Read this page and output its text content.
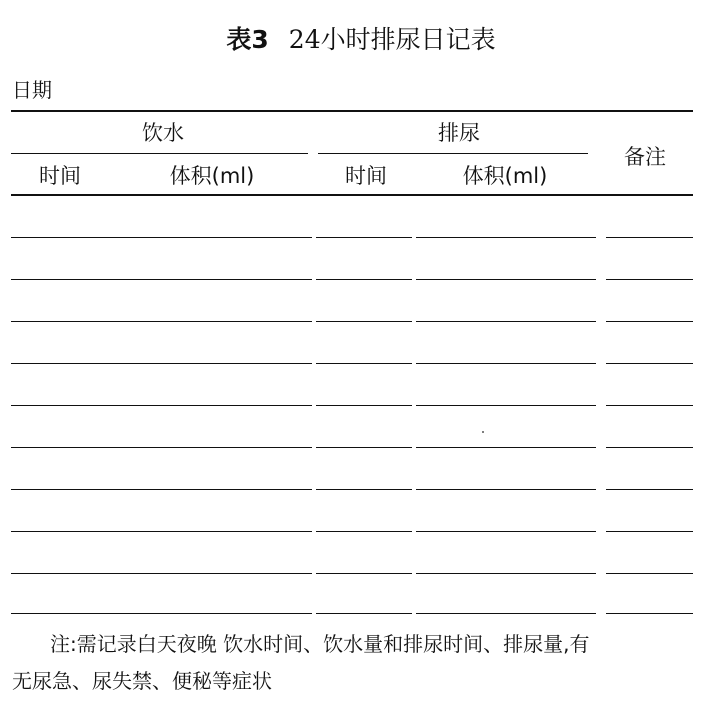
表3 24小时排尿日记表
日期
饮水	排尿
备注
时间	体积(ml)	时间	体积(ml)
注:需记录白天夜晚 饮水时间、饮水量和排尿时间、排尿量,有
无尿急、尿失禁、便秘等症状
